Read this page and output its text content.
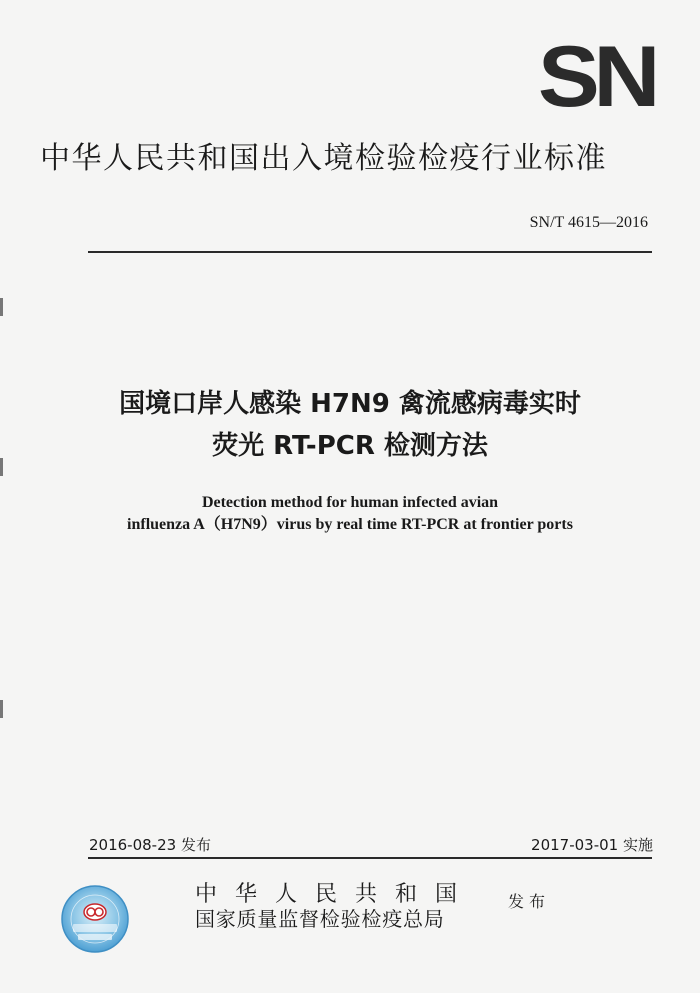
SN
中华人民共和国出入境检验检疫行业标准
SN/T 4615—2016
国境口岸人感染 H7N9 禽流感病毒实时
荧光 RT-PCR 检测方法
Detection method for human infected avian
influenza A（H7N9）virus by real time RT-PCR at frontier ports
2016-08-23 发布	2017-03-01 实施
中华人民共和国
国家质量监督检验检疫总局
发布
